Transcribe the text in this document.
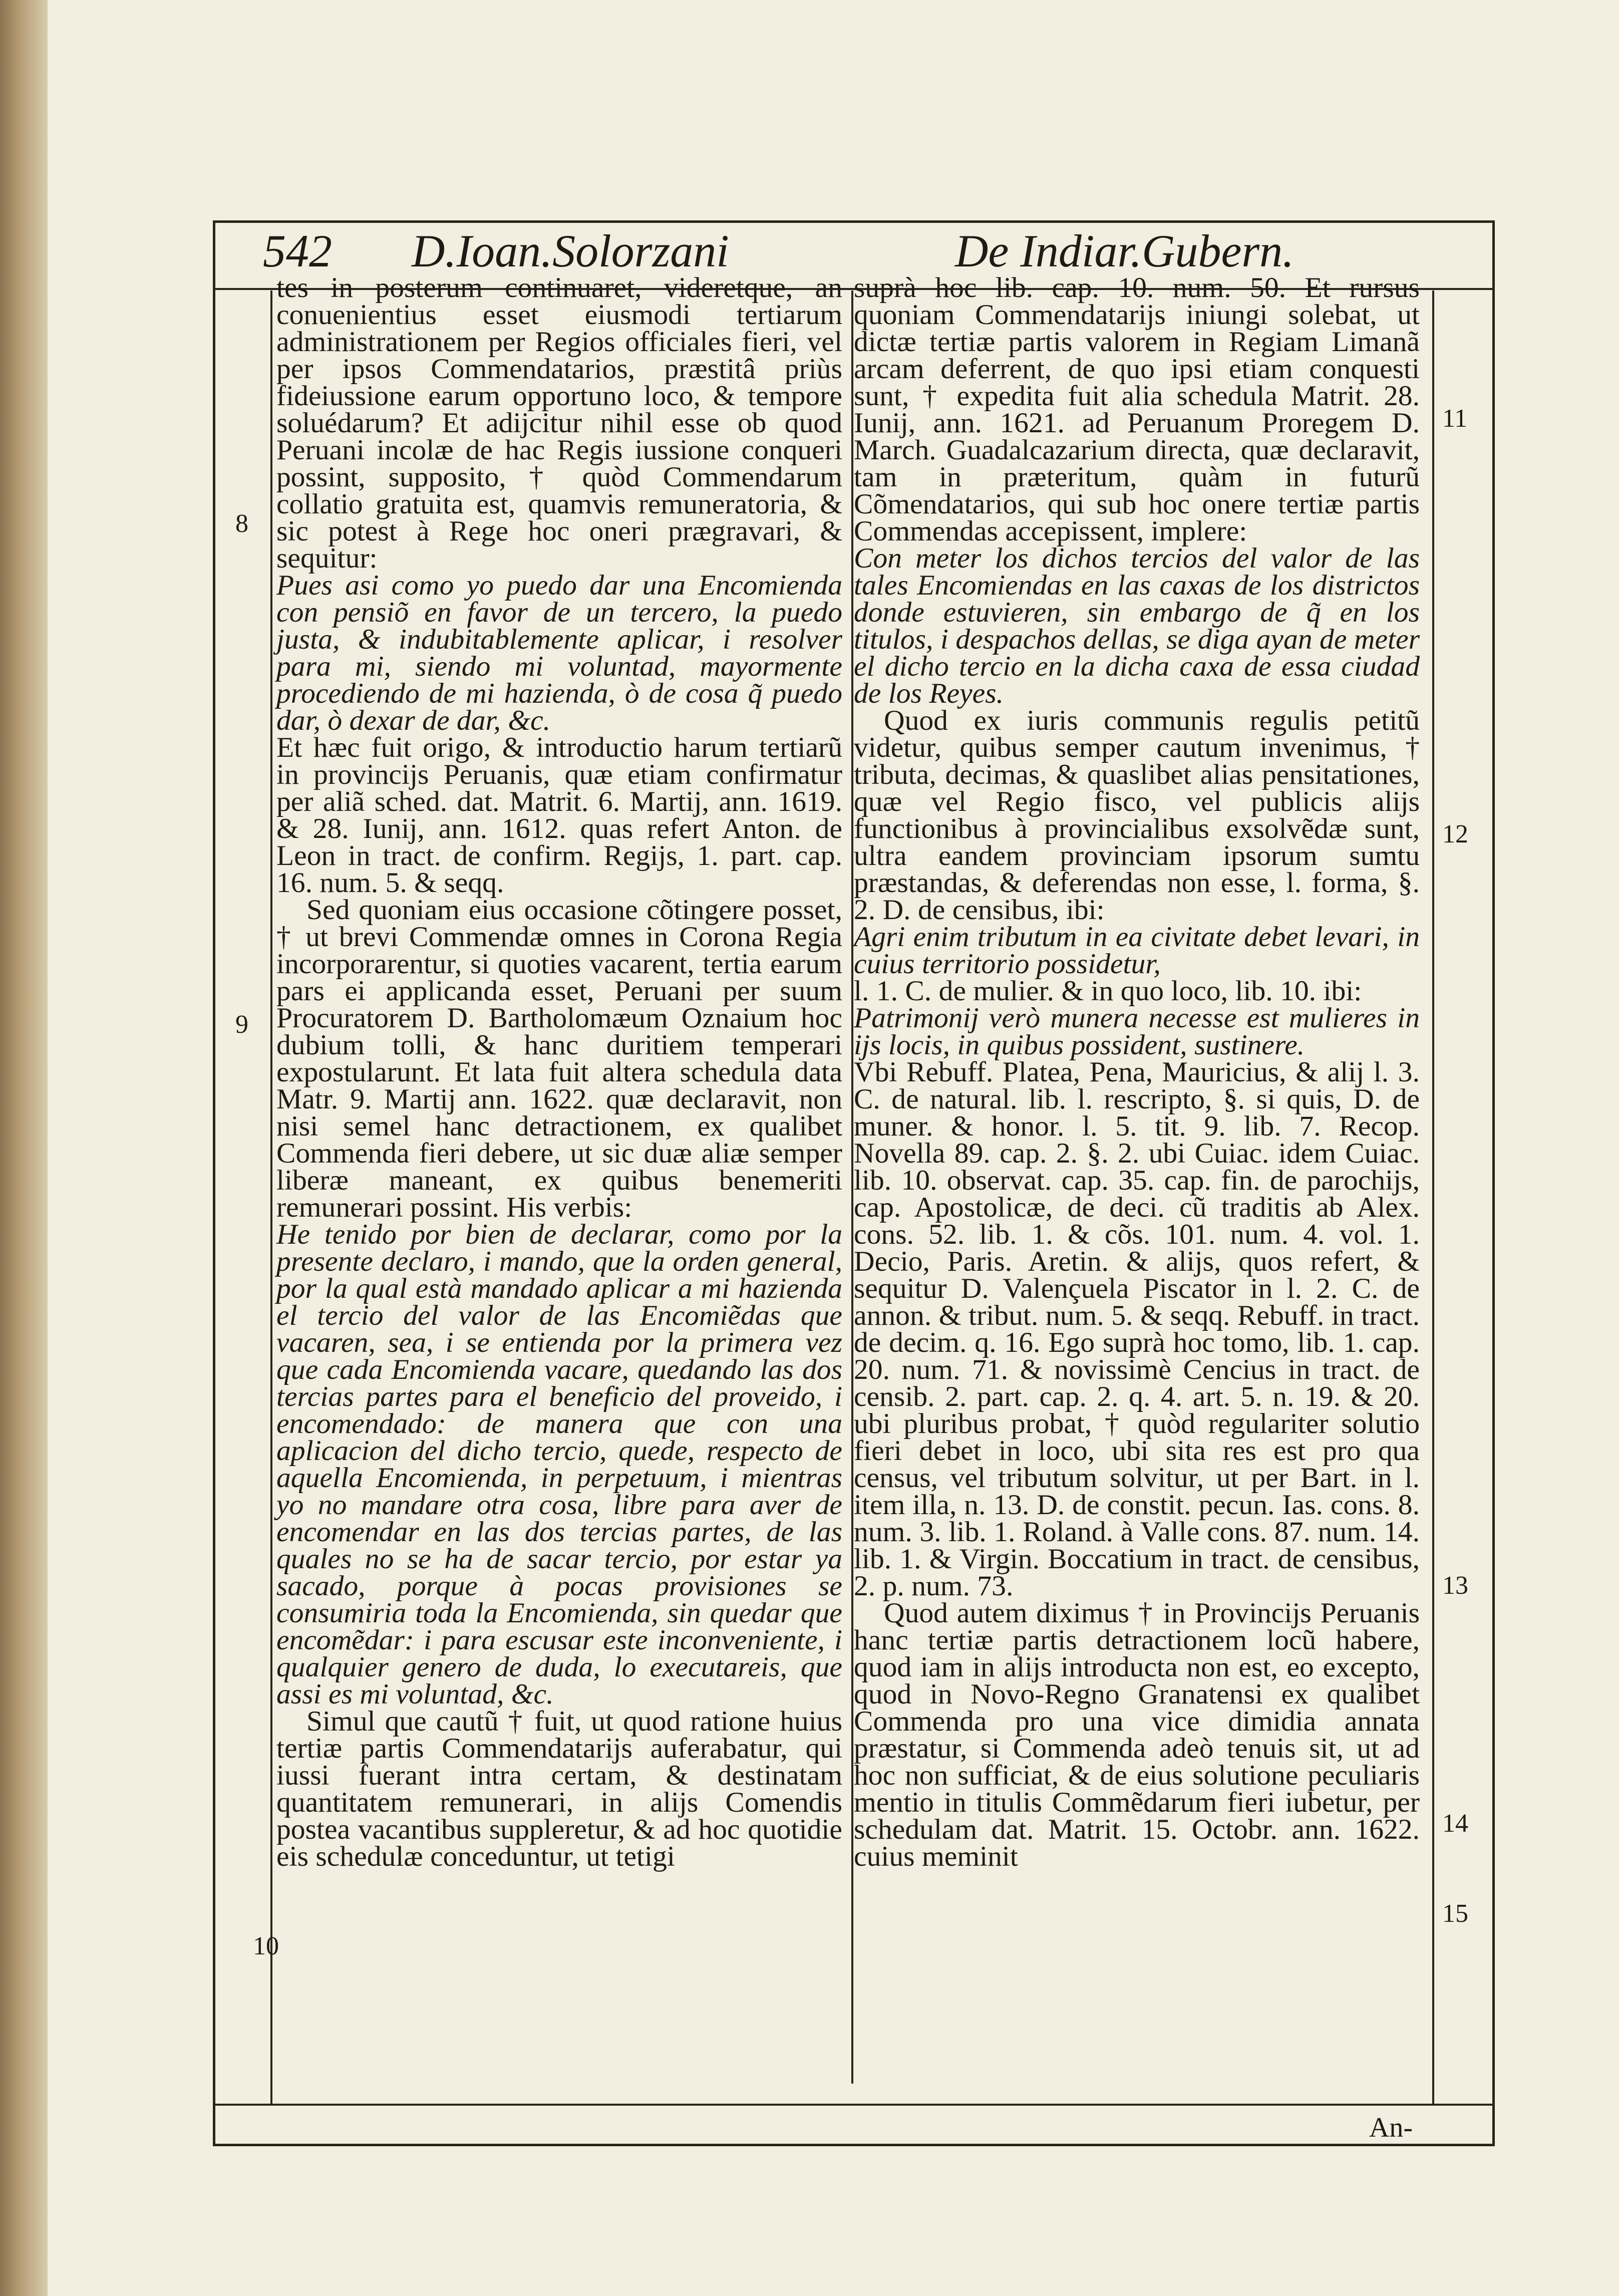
542 D.Ioan.Solorzani	De Indiar.Gubern.

tes in posterum continuaret, videretque, an conuenientius esset eiusmodi tertiarum administrationem per Regios officiales fieri, vel per ipsos Commendatarios, præstitâ priùs fideiussione earum opportuno loco, & tempore soluédarum? Et adijcitur nihil esse ob quod Peruani incolæ de hac Regis iussione conqueri possint, supposito, † quòd Commendarum collatio gratuita est, quamvis remuneratoria, & sic potest à Rege hoc oneri prægravari, & sequitur:

Pues asi como yo puedo dar una Encomienda con pensiõ en favor de un tercero, la puedo justa, & indubitablemente aplicar, i resolver para mi, siendo mi voluntad, mayormente procediendo de mi hazienda, ò de cosa q̃ puedo dar, ò dexar de dar, &c.

Et hæc fuit origo, & introductio harum tertiarũ in provincijs Peruanis, quæ etiam confirmatur per aliã sched. dat. Matrit. 6. Martij, ann. 1619. & 28. Iunij, ann. 1612. quas refert Anton. de Leon in tract. de confirm. Regijs, 1. part. cap. 16. num. 5. & seqq.

Sed quoniam eius occasione cõtingere posset, † ut brevi Commendæ omnes in Corona Regia incorporarentur, si quoties vacarent, tertia earum pars ei applicanda esset, Peruani per suum Procuratorem D. Bartholomæum Oznaium hoc dubium tolli, & hanc duritiem temperari expostularunt. Et lata fuit altera schedula data Matr. 9. Martij ann. 1622. quæ declaravit, non nisi semel hanc detractionem, ex qualibet Commenda fieri debere, ut sic duæ aliæ semper liberæ maneant, ex quibus benemeriti remunerari possint. His verbis:

He tenido por bien de declarar, como por la presente declaro, i mando, que la orden general, por la qual està mandado aplicar a mi hazienda el tercio del valor de las Encomiẽdas que vacaren, sea, i se entienda por la primera vez que cada Encomienda vacare, quedando las dos tercias partes para el beneficio del proveido, i encomendado: de manera que con una aplicacion del dicho tercio, quede, respecto de aquella Encomienda, in perpetuum, i mientras yo no mandare otra cosa, libre para aver de encomendar en las dos tercias partes, de las quales no se ha de sacar tercio, por estar ya sacado, porque à pocas provisiones se consumiria toda la Encomienda, sin quedar que encomẽdar: i para escusar este inconveniente, i qualquier genero de duda, lo executareis, que assi es mi voluntad, &c.

Simul que cautũ † fuit, ut quod ratione huius tertiæ partis Commendatarijs auferabatur, qui iussi fuerant intra certam, & destinatam quantitatem remunerari, in alijs Comendis postea vacantibus suppleretur, & ad hoc quotidie eis schedulæ conceduntur, ut tetigi

suprà hoc lib. cap. 10. num. 50. Et rursus quoniam Commendatarijs iniungi solebat, ut dictæ tertiæ partis valorem in Regiam Limanã arcam deferrent, de quo ipsi etiam conquesti sunt, † expedita fuit alia schedula Matrit. 28. Iunij, ann. 1621. ad Peruanum Proregem D. March. Guadalcazarium directa, quæ declaravit, tam in præteritum, quàm in futurũ Cõmendatarios, qui sub hoc onere tertiæ partis Commendas accepissent, implere:

Con meter los dichos tercios del valor de las tales Encomiendas en las caxas de los districtos donde estuvieren, sin embargo de q̃ en los titulos, i despachos dellas, se diga ayan de meter el dicho tercio en la dicha caxa de essa ciudad de los Reyes.

Quod ex iuris communis regulis petitũ videtur, quibus semper cautum invenimus, † tributa, decimas, & quaslibet alias pensitationes, quæ vel Regio fisco, vel publicis alijs functionibus à provincialibus exsolvẽdæ sunt, ultra eandem provinciam ipsorum sumtu præstandas, & deferendas non esse, l. forma, §. 2. D. de censibus, ibi:

Agri enim tributum in ea civitate debet levari, in cuius territorio possidetur,

l. 1. C. de mulier. & in quo loco, lib. 10. ibi:

Patrimonij verò munera necesse est mulieres in ijs locis, in quibus possident, sustinere.

Vbi Rebuff. Platea, Pena, Mauricius, & alij l. 3. C. de natural. lib. l. rescripto, §. si quis, D. de muner. & honor. l. 5. tit. 9. lib. 7. Recop. Novella 89. cap. 2. §. 2. ubi Cuiac. idem Cuiac. lib. 10. observat. cap. 35. cap. fin. de parochijs, cap. Apostolicæ, de deci. cũ traditis ab Alex. cons. 52. lib. 1. & cõs. 101. num. 4. vol. 1. Decio, Paris. Aretin. & alijs, quos refert, & sequitur D. Valençuela Piscator in l. 2. C. de annon. & tribut. num. 5. & seqq. Rebuff. in tract. de decim. q. 16. Ego suprà hoc tomo, lib. 1. cap. 20. num. 71. & novissimè Cencius in tract. de censib. 2. part. cap. 2. q. 4. art. 5. n. 19. & 20. ubi pluribus probat, † quòd regulariter solutio fieri debet in loco, ubi sita res est pro qua census, vel tributum solvitur, ut per Bart. in l. item illa, n. 13. D. de constit. pecun. Ias. cons. 8. num. 3. lib. 1. Roland. à Valle cons. 87. num. 14. lib. 1. & Virgin. Boccatium in tract. de censibus, 2. p. num. 73.

Quod autem diximus † in Provincijs Peruanis hanc tertiæ partis detractionem locũ habere, quod iam in alijs introducta non est, eo excepto, quod in Novo-Regno Granatensi ex qualibet Commenda pro una vice dimidia annata præstatur, si Commenda adeò tenuis sit, ut ad hoc non sufficiat, & de eius solutione peculiaris mentio in titulis Commẽdarum fieri iubetur, per schedulam dat. Matrit. 15. Octobr. ann. 1622. cuius meminit

8
9
10
11
12
13
14
15
An-
